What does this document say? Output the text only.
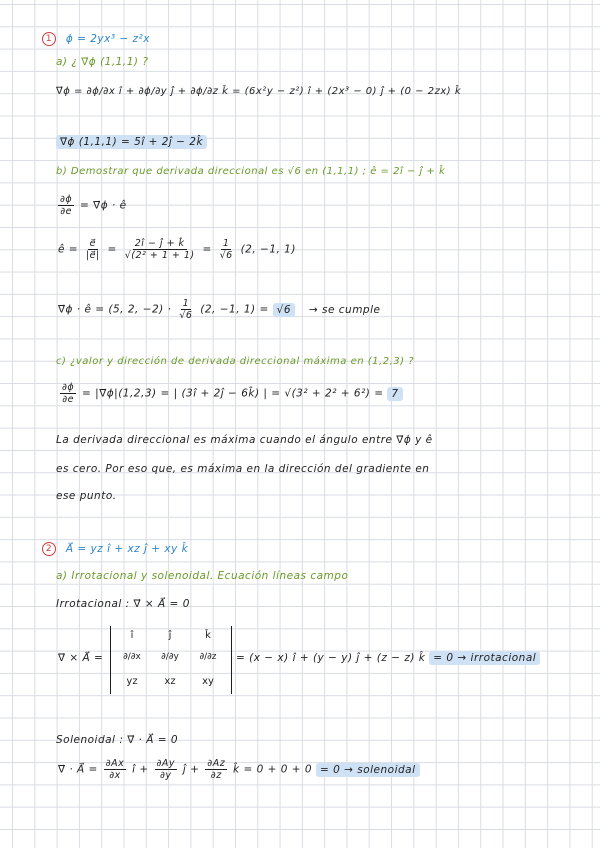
1 ϕ = 2yx³ − z²x
a) ¿ ∇⃗ϕ (1,1,1) ?
∇⃗ϕ = ∂ϕ/∂x î + ∂ϕ/∂y ĵ + ∂ϕ/∂z k̂ = (6x²y − z²) î + (2x³ − 0) ĵ + (0 − 2zx) k̂
∇⃗ϕ (1,1,1) = 5î + 2ĵ − 2k̂
b) Demostrar que derivada direccional es √6 en (1,1,1) ; ê = 2î − ĵ + k̂
$\frac{\partial\phi}{\partial e}$ = ∇⃗ϕ · ê
ê = $\frac{e⃗}{|e⃗|} = \frac{2î - ĵ + k̂}{\text{√(2² + 1 + 1)}} = \frac{1}{√6} (2$, −1, 1)
∇⃗ϕ · ê = (5, 2, $-2) \cdot \frac{1}{√6} (2$, −1, 1) = √6 → se cumple
c) ¿valor y dirección de derivada direccional máxima en (1,2,3) ?
$\frac{\partial\phi}{\partial e}$ = |∇⃗ϕ|(1,2,3) = | (3î + 2ĵ − 6k̂) | = √(3² + 2² + 6²) = 7
La derivada direccional es máxima cuando el ángulo entre ∇⃗ϕ y ê
es cero. Por eso que, es máxima en la dirección del gradiente en
ese punto.
2 A⃗ = yz î + xz ĵ + xy k̂
a) Irrotacional y solenoidal. Ecuación líneas campo
Irrotacional : ∇⃗ × A⃗ = 0
∇⃗ × A⃗ =
î	ĵ	k̂
∂/∂x	∂/∂y	∂/∂z
yz	xz	xy
= (x − x) î + (y − y) ĵ + (z − z) k̂ = 0 → irrotacional
Solenoidal : ∇⃗ · A⃗ = 0
∇⃗ · A⃗ = $\frac{\partial Ax}{\partial x}$ î + $\frac{\partial Ay}{\partial y}$ ĵ + $\frac{\partial Az}{\partial z}$ k̂ = 0 + 0 + 0 = 0 → solenoidal
